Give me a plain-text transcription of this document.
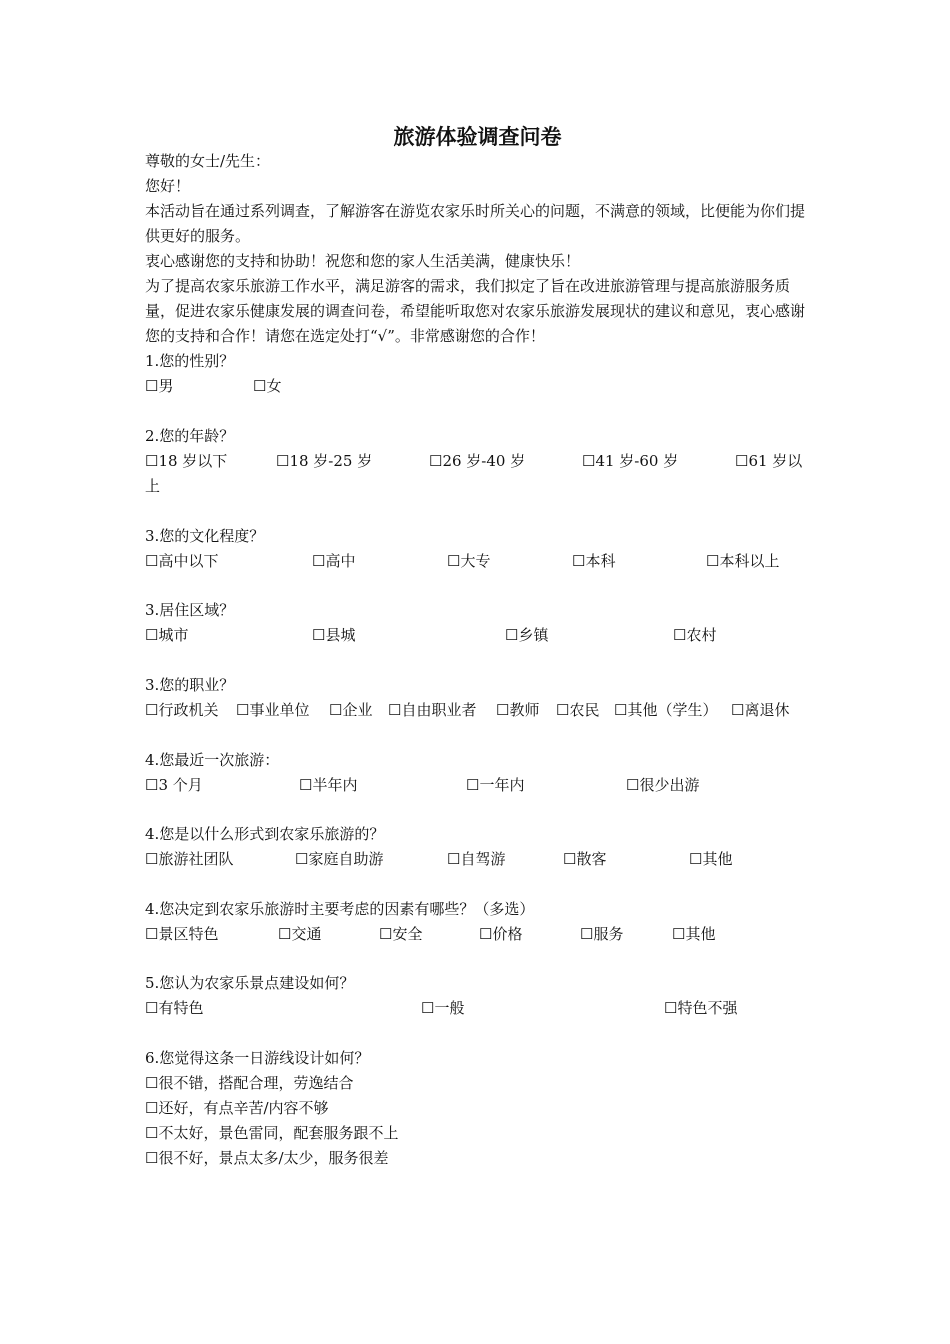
旅游体验调查问卷
尊敬的女士/先生：
您好！
本活动旨在通过系列调查，了解游客在游览农家乐时所关心的问题，不满意的领域，比便能为你们提供更好的服务。
衷心感谢您的支持和协助！祝您和您的家人生活美满，健康快乐！
为了提高农家乐旅游工作水平，满足游客的需求，我们拟定了旨在改进旅游管理与提高旅游服务质量，促进农家乐健康发展的调查问卷，希望能听取您对农家乐旅游发展现状的建议和意见，衷心感谢您的支持和合作！请您在选定处打“√”。非常感谢您的合作！
1.您的性别？
☐男	☐女
2.您的年龄？
☐18 岁以下	☐18 岁-25 岁	☐26 岁-40 岁	☐41 岁-60 岁	☐61 岁以
上
3.您的文化程度？
☐高中以下	☐高中	☐大专	☐本科	☐本科以上
3.居住区域？
☐城市	☐县城	☐乡镇	☐农村
3.您的职业？
☐行政机关 ☐事业单位 ☐企业 ☐自由职业者 ☐教师 ☐农民 ☐其他（学生） ☐离退休
4.您最近一次旅游：
☐3 个月	☐半年内	☐一年内	☐很少出游
4.您是以什么形式到农家乐旅游的？
☐旅游社团队	☐家庭自助游	☐自驾游	☐散客	☐其他
4.您决定到农家乐旅游时主要考虑的因素有哪些？（多选）
☐景区特色	☐交通	☐安全	☐价格	☐服务	☐其他
5.您认为农家乐景点建设如何？
☐有特色	☐一般	☐特色不强
6.您觉得这条一日游线设计如何？
☐很不错，搭配合理，劳逸结合
☐还好，有点辛苦/内容不够
☐不太好，景色雷同，配套服务跟不上
☐很不好，景点太多/太少，服务很差
